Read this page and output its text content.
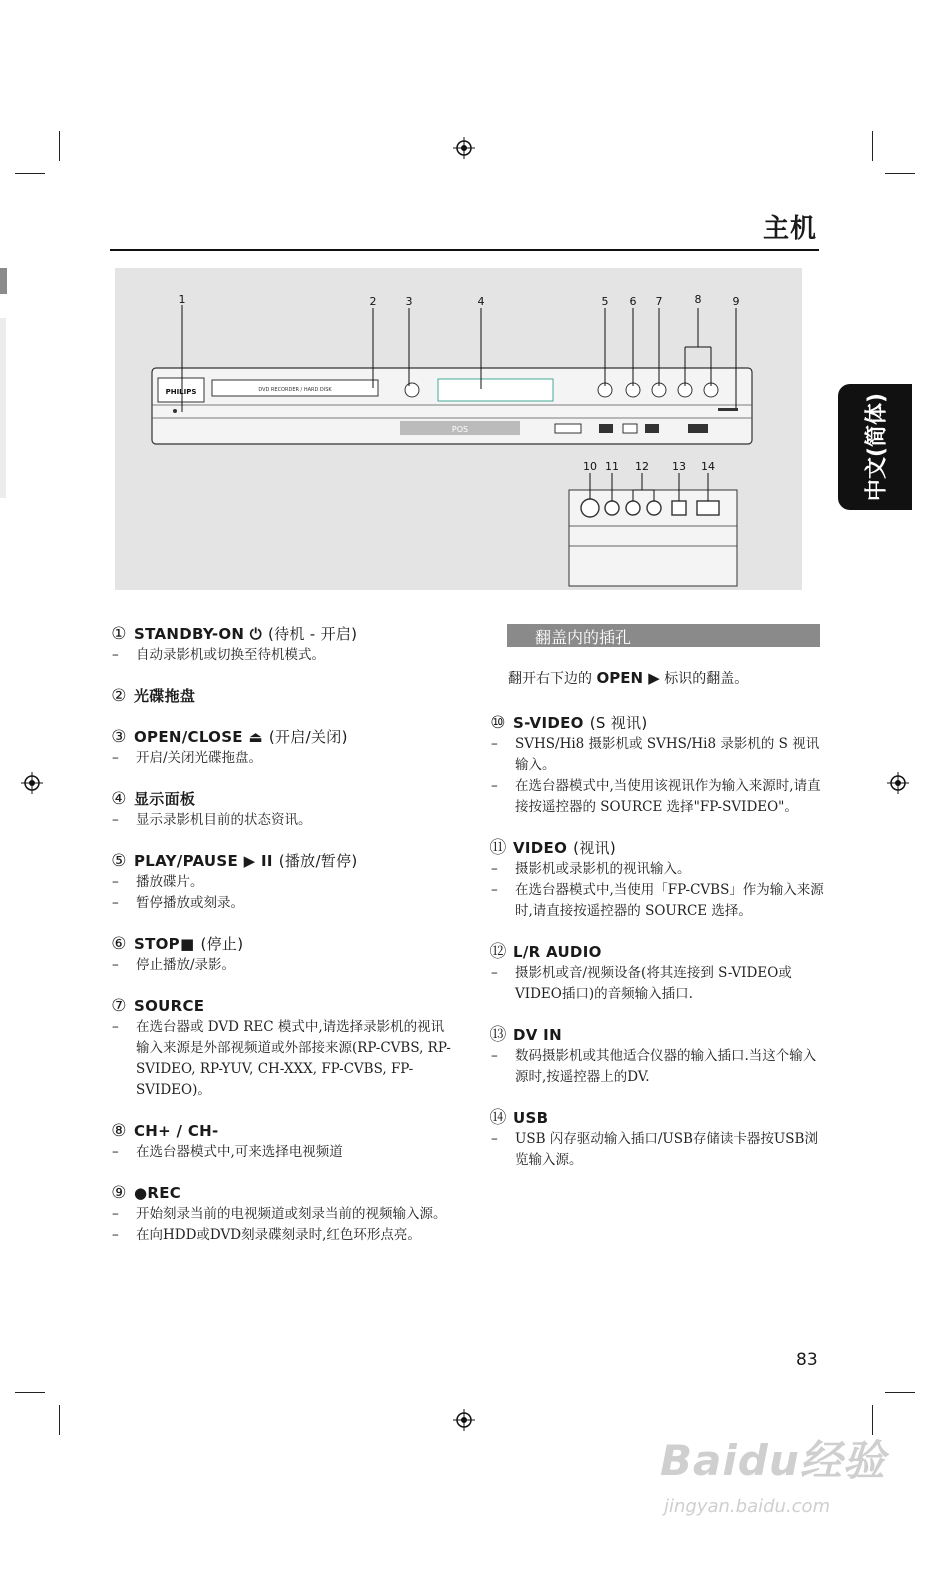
主机
中文(简体)
PHILIPS	DVD RECORDER / HARD DISK
POS
1	2	3	4	5 6 7	8	9
10 11 12 13 14
① STANDBY-ON ⏻ (待机 - 开启)
–	自动录影机或切换至待机模式。
② 光碟拖盘
③ OPEN/CLOSE ⏏ (开启/关闭)
–	开启/关闭光碟拖盘。
④ 显示面板
–	显示录影机目前的状态资讯。
⑤ PLAY/PAUSE ▶ II (播放/暂停)
–	播放碟片。
–	暂停播放或刻录。
⑥ STOP■ (停止)
–	停止播放/录影。
⑦ SOURCE
–	在选台器或 DVD REC 模式中,请选择录影机的视讯输入来源是外部视频道或外部接来源(RP-CVBS, RP-SVIDEO, RP-YUV, CH-XXX, FP-CVBS, FP-SVIDEO)。
⑧ CH+ / CH-
–	在选台器模式中,可来选择电视频道
⑨ ●REC
–	开始刻录当前的电视频道或刻录当前的视频输入源。
–	在向HDD或DVD刻录碟刻录时,红色环形点亮。
翻盖内的插孔
翻开右下边的 OPEN ▶ 标识的翻盖。
⑩ S-VIDEO (S 视讯)
–	SVHS/Hi8 摄影机或 SVHS/Hi8 录影机的 S 视讯输入。
–	在选台器模式中,当使用该视讯作为输入来源时,请直接按遥控器的 SOURCE 选择"FP-SVIDEO"。
⑪ VIDEO (视讯)
–	摄影机或录影机的视讯输入。
–	在选台器模式中,当使用「FP-CVBS」作为输入来源时,请直接按遥控器的 SOURCE 选择。
⑫ L/R AUDIO
–	摄影机或音/视频设备(将其连接到 S-VIDEO或VIDEO插口)的音频输入插口.
⑬ DV IN
–	数码摄影机或其他适合仪器的输入插口.当这个输入源时,按遥控器上的DV.
⑭ USB
–	USB 闪存驱动输入插口/USB存储读卡器按USB浏览输入源。
83
Baidu经验
jingyan.baidu.com
